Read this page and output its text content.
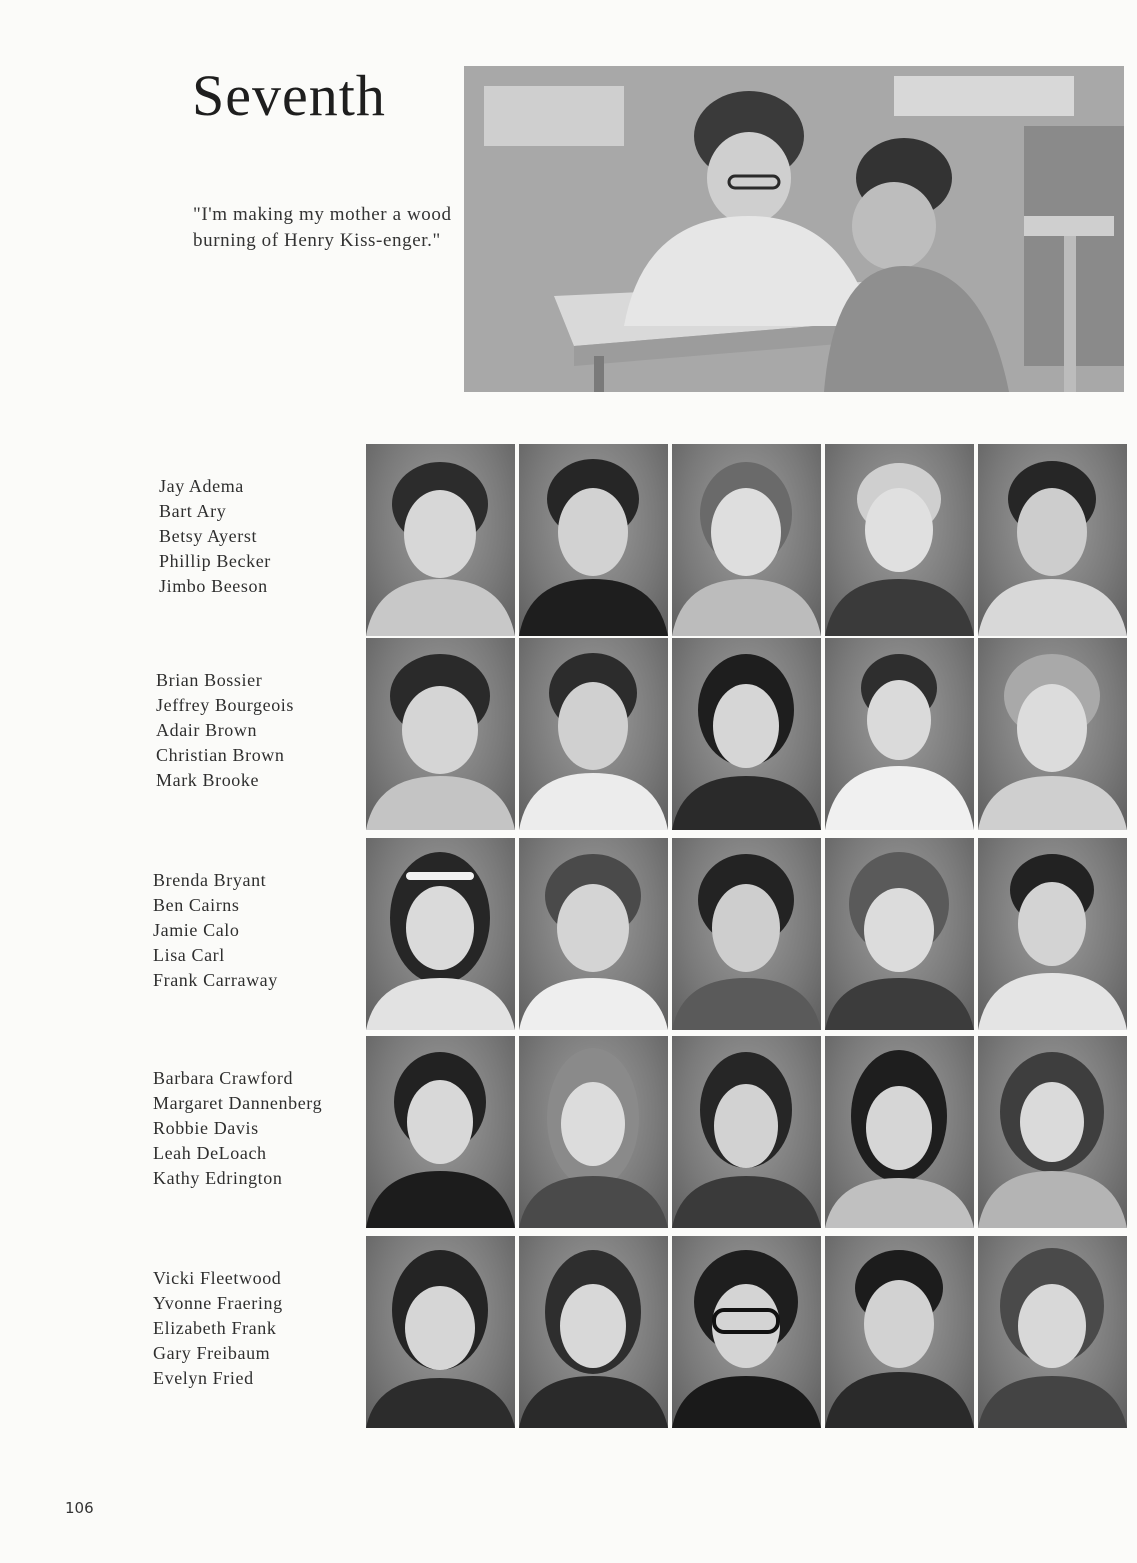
Seventh

"I'm making my mother a wood burning of Henry Kiss-enger."

Jay Adema
Bart Ary
Betsy Ayerst
Phillip Becker
Jimbo Beeson
Brian Bossier
Jeffrey Bourgeois
Adair Brown
Christian Brown
Mark Brooke
Brenda Bryant
Ben Cairns
Jamie Calo
Lisa Carl
Frank Carraway
Barbara Crawford
Margaret Dannenberg
Robbie Davis
Leah DeLoach
Kathy Edrington
Vicki Fleetwood
Yvonne Fraering
Elizabeth Frank
Gary Freibaum
Evelyn Fried

106
